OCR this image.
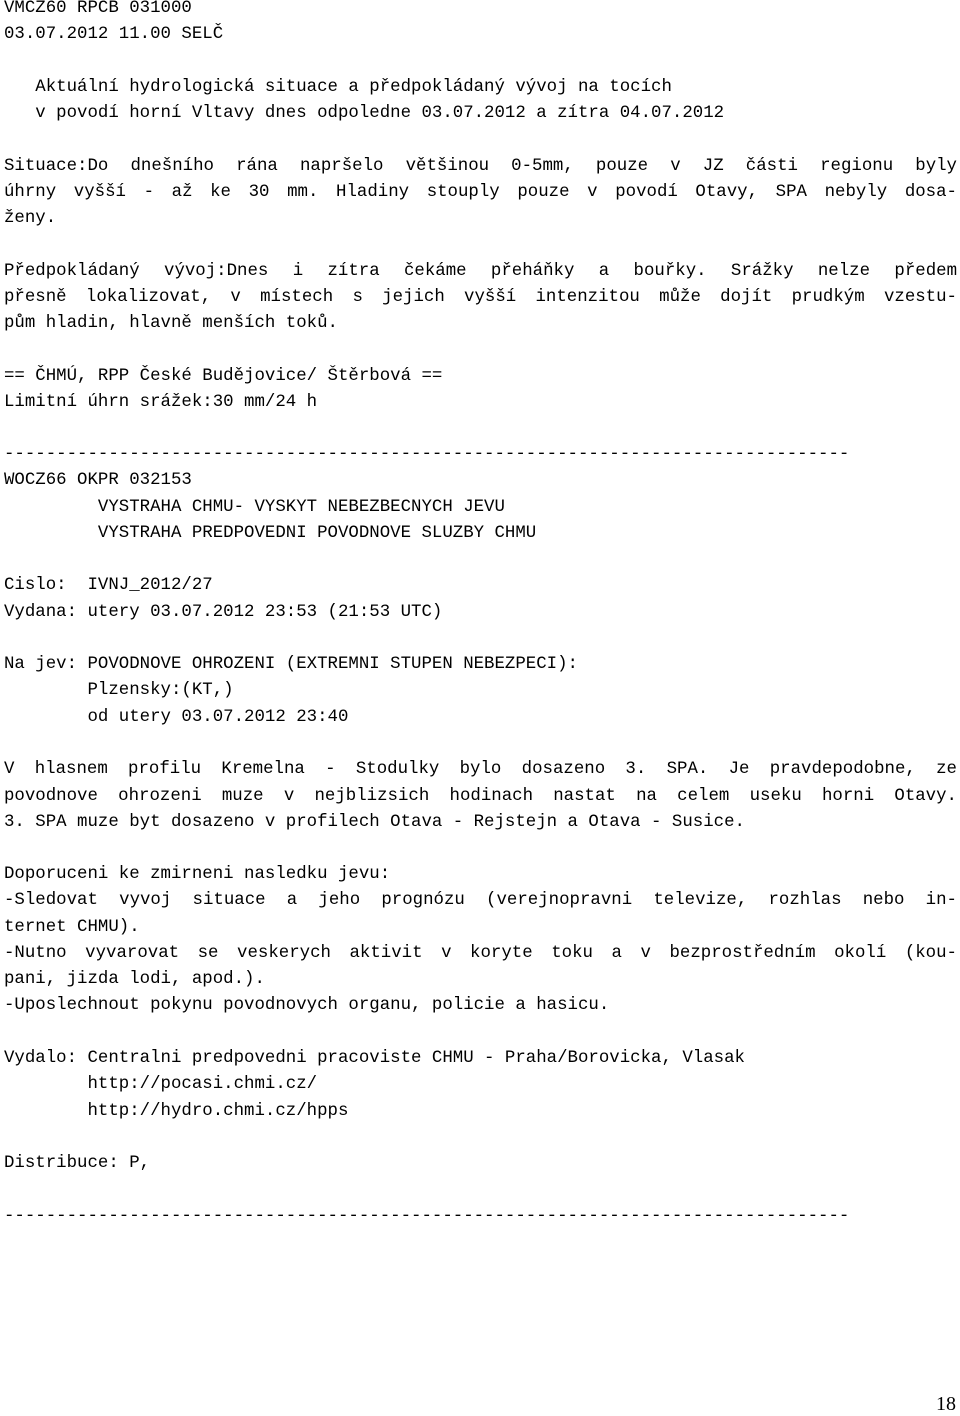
VMCZ60 RPCB 031000

03.07.2012 11.00 SELČ

Aktuální hydrologická situace a předpokládaný vývoj na tocích

v povodí horní Vltavy dnes odpoledne 03.07.2012 a zítra 04.07.2012

Situace:Do dnešního rána napršelo většinou 0-5mm, pouze v JZ části regionu byly

úhrny vyšší - až ke 30 mm. Hladiny stouply pouze v povodí Otavy, SPA nebyly dosa-

ženy.

Předpokládaný vývoj:Dnes i zítra čekáme přeháňky a bouřky. Srážky nelze předem

přesně lokalizovat, v místech s jejich vyšší intenzitou může dojít prudkým vzestu-

pům hladin, hlavně menších toků.

== ČHMÚ, RPP České Budějovice/ Štěrbová ==

Limitní úhrn srážek:30 mm/24 h

---------------------------------------------------------------------------------

WOCZ66 OKPR 032153

VYSTRAHA CHMU- VYSKYT NEBEZBECNYCH JEVU

VYSTRAHA PREDPOVEDNI POVODNOVE SLUZBY CHMU

Cislo:  IVNJ_2012/27

Vydana: utery 03.07.2012 23:53 (21:53 UTC)

Na jev: POVODNOVE OHROZENI (EXTREMNI STUPEN NEBEZPECI):

Plzensky:(KT,)

od utery 03.07.2012 23:40

V hlasnem profilu Kremelna - Stodulky bylo dosazeno 3. SPA. Je pravdepodobne, ze

povodnove ohrozeni muze v nejblizsich hodinach nastat na celem useku horni Otavy.

3. SPA muze byt dosazeno v profilech Otava - Rejstejn a Otava - Susice.

Doporuceni ke zmirneni nasledku jevu:

-Sledovat vyvoj situace a jeho prognózu (verejnopravni televize, rozhlas nebo in-

ternet CHMU).

-Nutno vyvarovat se veskerych aktivit v koryte toku a v bezprostředním okolí (kou-

pani, jizda lodi, apod.).

-Uposlechnout pokynu povodnovych organu, policie a hasicu.

Vydalo: Centralni predpovedni pracoviste CHMU - Praha/Borovicka, Vlasak

http://pocasi.chmi.cz/

http://hydro.chmi.cz/hpps

Distribuce: P,

---------------------------------------------------------------------------------

18
